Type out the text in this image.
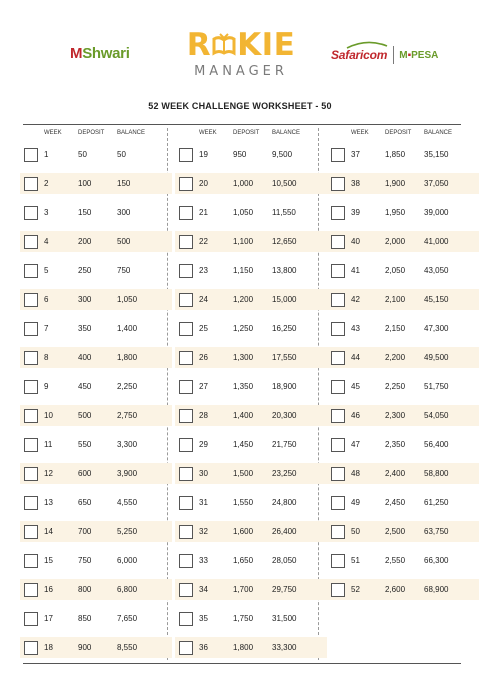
MShwari R KIE
MANAGER
Safaricom M▪PESA
52 WEEK CHALLENGE WORKSHEET - 50
WEEK	DEPOSIT BALANCE
1	50	50
2	100	150
3	150	300
4	200	500
5	250	750
6	300	1,050
7	350	1,400
8	400	1,800
9	450	2,250
10	500	2,750
11	550	3,300
12	600	3,900
13	650	4,550
14	700	5,250
15	750	6,000
16	800	6,800
17	850	7,650
18	900	8,550
WEEK	DEPOSIT BALANCE
19	950	9,500
20	1,000 10,500
21	1,050 11,550
22	1,100 12,650
23	1,150 13,800
24	1,200 15,000
25	1,250 16,250
26	1,300 17,550
27	1,350 18,900
28	1,400 20,300
29	1,450 21,750
30	1,500 23,250
31	1,550 24,800
32	1,600 26,400
33	1,650 28,050
34	1,700 29,750
35	1,750 31,500
36	1,800 33,300
WEEK	DEPOSIT BALANCE
37	1,850 35,150
38	1,900 37,050
39	1,950 39,000
40	2,000 41,000
41	2,050 43,050
42	2,100 45,150
43	2,150 47,300
44	2,200 49,500
45	2,250 51,750
46	2,300 54,050
47	2,350 56,400
48	2,400 58,800
49	2,450 61,250
50	2,500 63,750
51	2,550 66,300
52	2,600 68,900
